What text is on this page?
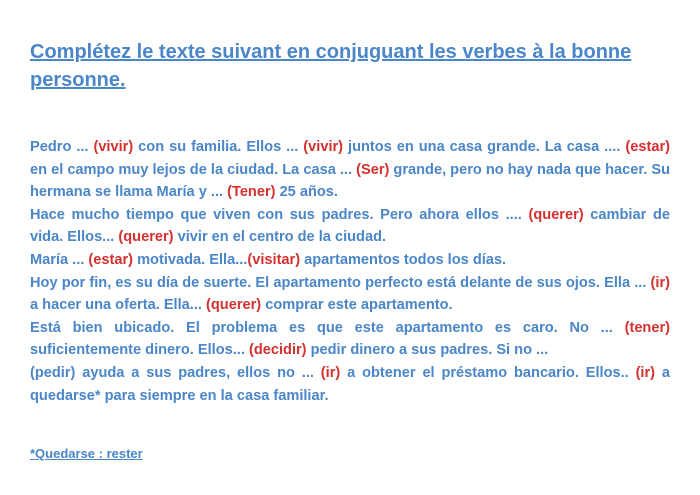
Complétez le texte suivant en conjuguant les verbes à la bonne personne.

Pedro ... (vivir) con su familia. Ellos ... (vivir) juntos en una casa grande. La casa .... (estar) en el campo muy lejos de la ciudad. La casa ... (Ser) grande, pero no hay nada que hacer. Su hermana se llama María y ... (Tener) 25 años.

Hace mucho tiempo que viven con sus padres. Pero ahora ellos .... (querer) cambiar de vida. Ellos... (querer) vivir en el centro de la ciudad.

María ... (estar) motivada. Ella...(visitar) apartamentos todos los días.

Hoy por fin, es su día de suerte. El apartamento perfecto está delante de sus ojos. Ella ... (ir) a hacer una oferta. Ella... (querer) comprar este apartamento.

Está bien ubicado. El problema es que este apartamento es caro. No ... (tener) suficientemente dinero. Ellos... (decidir) pedir dinero a sus padres. Si no ...

(pedir) ayuda a sus padres, ellos no ... (ir) a obtener el préstamo bancario. Ellos.. (ir) a quedarse* para siempre en la casa familiar.

*Quedarse : rester
